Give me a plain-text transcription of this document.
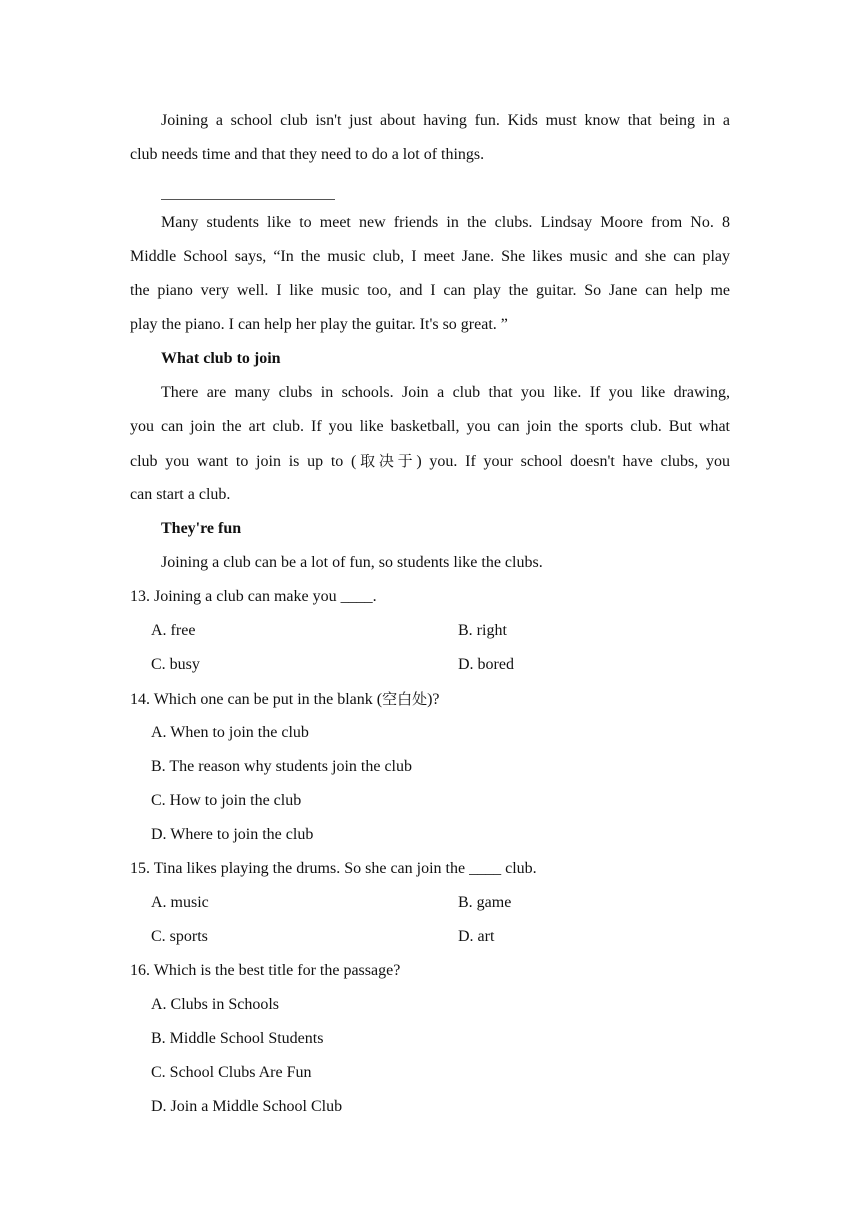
Joining a school club isn't just about having fun. Kids must know that being in a
club needs time and that they need to do a lot of things.
Many students like to meet new friends in the clubs. Lindsay Moore from No. 8
Middle School says, “In the music club, I meet Jane. She likes music and she can play
the piano very well. I like music too, and I can play the guitar. So Jane can help me
play the piano. I can help her play the guitar. It's so great. ”
What club to join
There are many clubs in schools. Join a club that you like. If you like drawing,
you can join the art club. If you like basketball, you can join the sports club. But what
club you want to join is up to (取决于) you. If your school doesn't have clubs, you
can start a club.
They're fun
Joining a club can be a lot of fun, so students like the clubs.
13. Joining a club can make you ____.
A. free	B. right
C. busy	D. bored
14. Which one can be put in the blank (空白处)?
A. When to join the club
B. The reason why students join the club
C. How to join the club
D. Where to join the club
15. Tina likes playing the drums. So she can join the ____ club.
A. music	B. game
C. sports	D. art
16. Which is the best title for the passage?
A. Clubs in Schools
B. Middle School Students
C. School Clubs Are Fun
D. Join a Middle School Club
